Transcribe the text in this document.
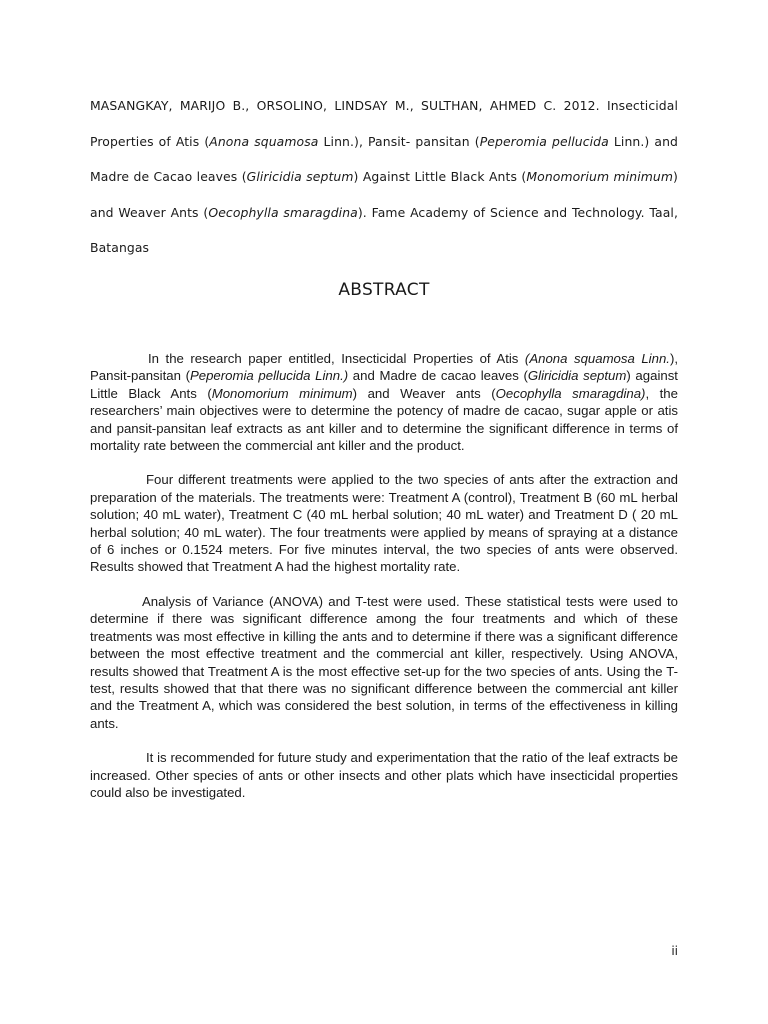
MASANGKAY, MARIJO B., ORSOLINO, LINDSAY M., SULTHAN, AHMED C. 2012. Insecticidal Properties of Atis (Anona squamosa Linn.), Pansit- pansitan (Peperomia pellucida Linn.) and Madre de Cacao leaves (Gliricidia septum) Against Little Black Ants (Monomorium minimum) and Weaver Ants (Oecophylla smaragdina). Fame Academy of Science and Technology. Taal, Batangas
ABSTRACT

In the research paper entitled, Insecticidal Properties of Atis (Anona squamosa Linn.), Pansit-pansitan (Peperomia pellucida Linn.) and Madre de cacao leaves (Gliricidia septum) against Little Black Ants (Monomorium minimum) and Weaver ants (Oecophylla smaragdina), the researchers’ main objectives were to determine the potency of madre de cacao, sugar apple or atis and pansit-pansitan leaf extracts as ant killer and to determine the significant difference in terms of mortality rate between the commercial ant killer and the product.

Four different treatments were applied to the two species of ants after the extraction and preparation of the materials. The treatments were: Treatment A (control), Treatment B (60 mL herbal solution; 40 mL water), Treatment C (40 mL herbal solution; 40 mL water) and Treatment D ( 20 mL herbal solution; 40 mL water). The four treatments were applied by means of spraying at a distance of 6 inches or 0.1524 meters. For five minutes interval, the two species of ants were observed. Results showed that Treatment A had the highest mortality rate.

Analysis of Variance (ANOVA) and T-test were used. These statistical tests were used to determine if there was significant difference among the four treatments and which of these treatments was most effective in killing the ants and to determine if there was a significant difference between the most effective treatment and the commercial ant killer, respectively. Using ANOVA, results showed that Treatment A is the most effective set-up for the two species of ants. Using the T-test, results showed that that there was no significant difference between the commercial ant killer and the Treatment A, which was considered the best solution, in terms of the effectiveness in killing ants.

It is recommended for future study and experimentation that the ratio of the leaf extracts be increased. Other species of ants or other insects and other plats which have insecticidal properties could also be investigated.

ii
